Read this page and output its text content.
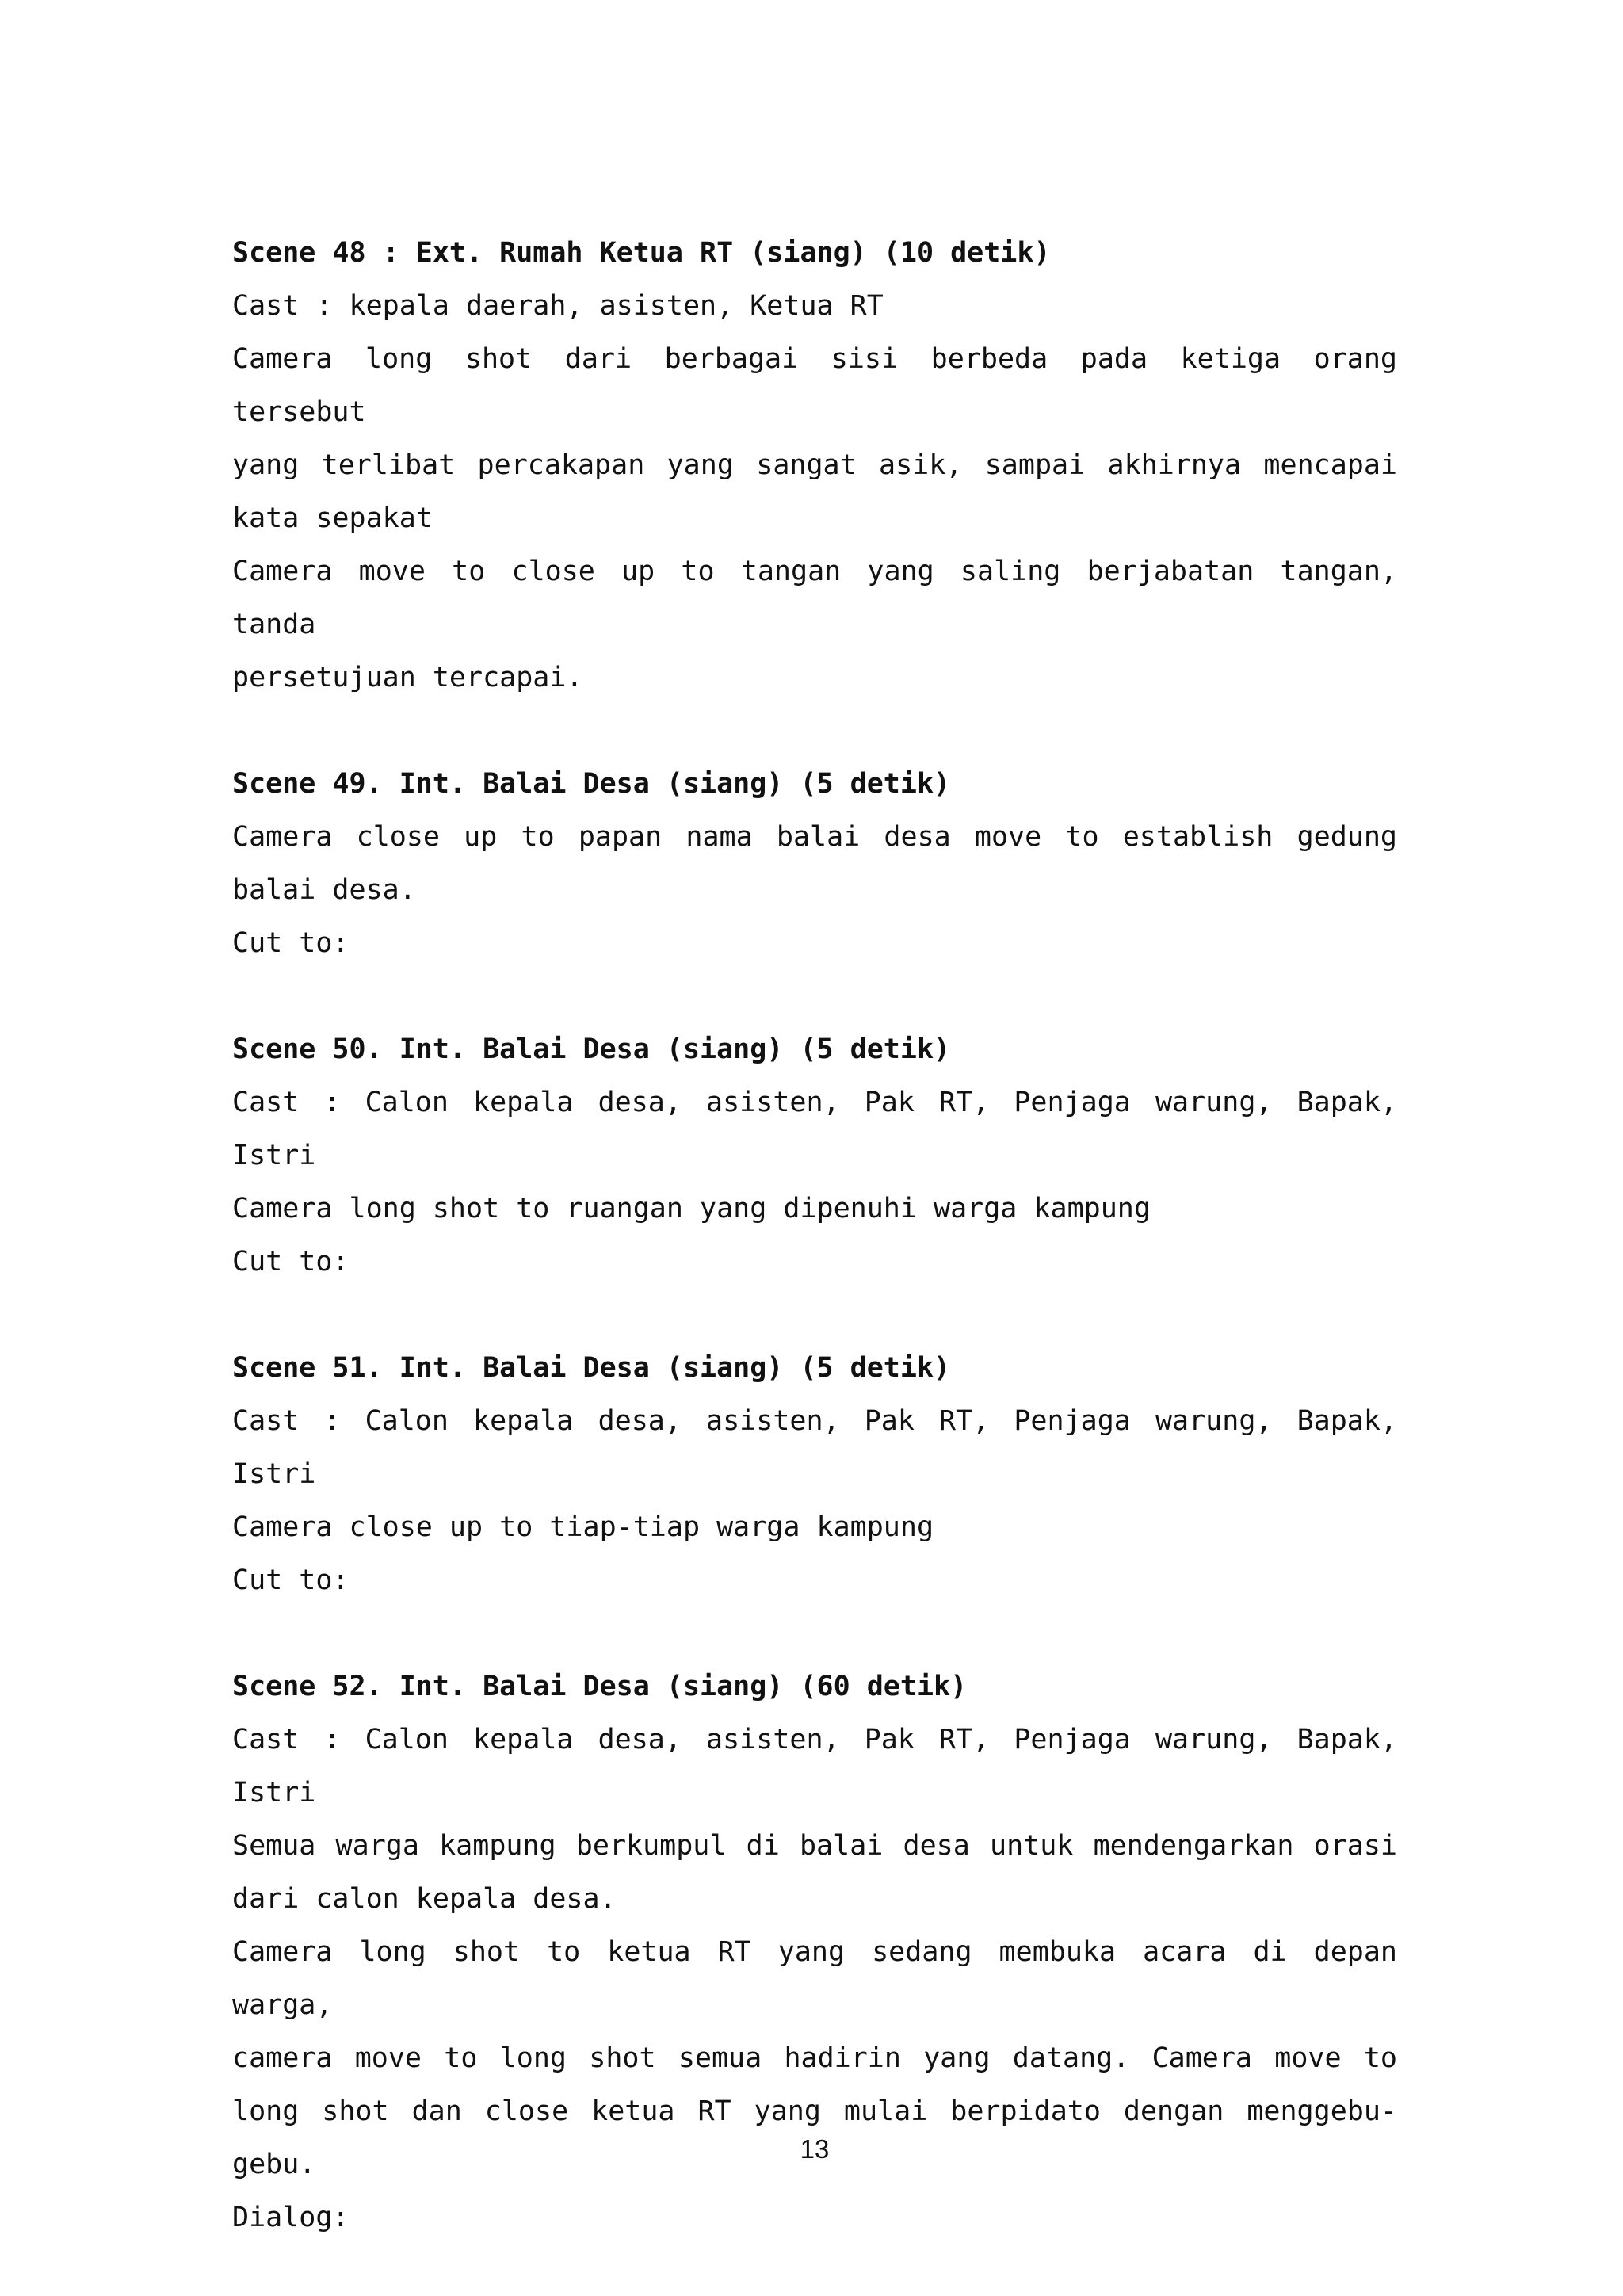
Scene 48 : Ext. Rumah Ketua RT (siang) (10 detik)
Cast : kepala daerah, asisten, Ketua RT
Camera long shot dari berbagai sisi berbeda pada ketiga orang tersebut
yang terlibat percakapan yang sangat asik, sampai akhirnya mencapai
kata sepakat
Camera move to close up to tangan yang saling berjabatan tangan, tanda
persetujuan tercapai.
Scene 49. Int. Balai Desa (siang) (5 detik)
Camera close up to papan nama balai desa move to establish gedung
balai desa.
Cut to:
Scene 50. Int. Balai Desa (siang) (5 detik)
Cast : Calon kepala desa, asisten, Pak RT, Penjaga warung, Bapak,
Istri
Camera long shot to ruangan yang dipenuhi warga kampung
Cut to:
Scene 51. Int. Balai Desa (siang) (5 detik)
Cast : Calon kepala desa, asisten, Pak RT, Penjaga warung, Bapak,
Istri
Camera close up to tiap-tiap warga kampung
Cut to:
Scene 52. Int. Balai Desa (siang) (60 detik)
Cast : Calon kepala desa, asisten, Pak RT, Penjaga warung, Bapak,
Istri
Semua warga kampung berkumpul di balai desa untuk mendengarkan orasi
dari calon kepala desa.
Camera long shot to ketua RT yang sedang membuka acara di depan warga,
camera move to long shot semua hadirin yang datang. Camera move to
long shot dan close ketua RT yang mulai berpidato dengan menggebu-
gebu.
Dialog:
13
